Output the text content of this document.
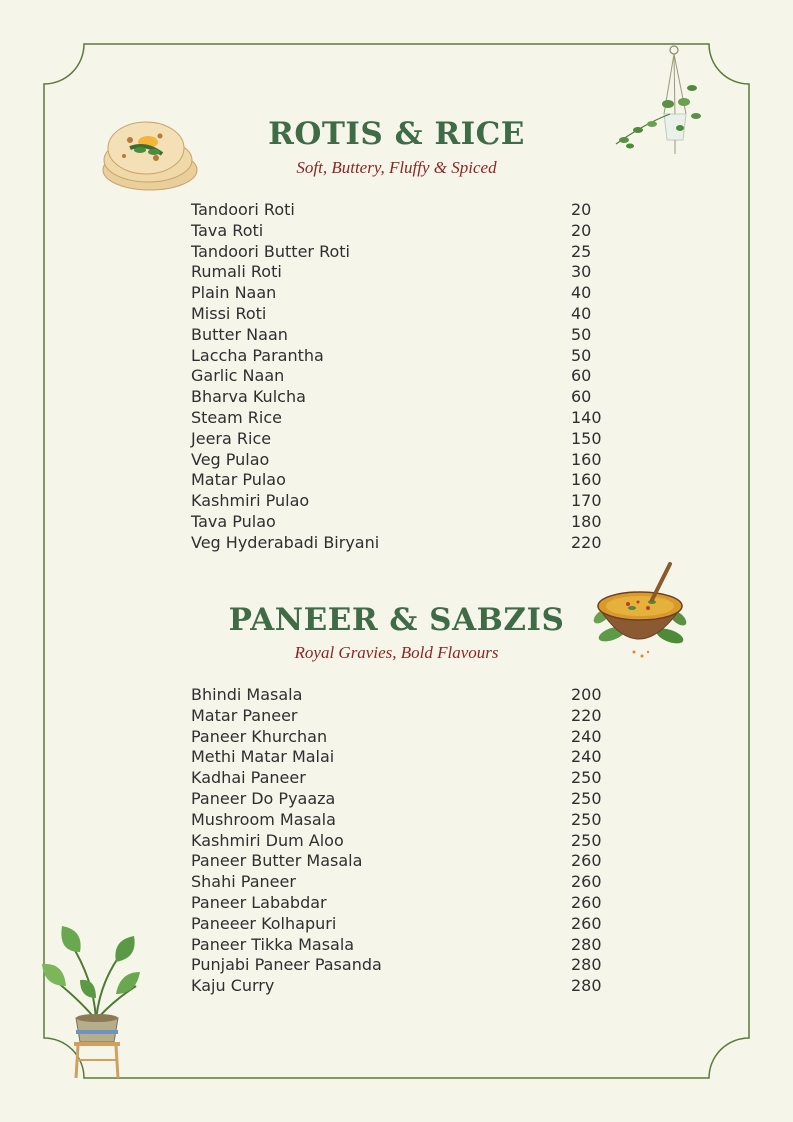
ROTIS & RICE
Soft, Buttery, Fluffy & Spiced
Tandoori Roti	20
Tava Roti	20
Tandoori Butter Roti	25
Rumali Roti	30
Plain Naan	40
Missi Roti	40
Butter Naan	50
Laccha Parantha	50
Garlic Naan	60
Bharva Kulcha	60
Steam Rice	140
Jeera Rice	150
Veg Pulao	160
Matar Pulao	160
Kashmiri Pulao	170
Tava Pulao	180
Veg Hyderabadi Biryani	220
PANEER & SABZIS
Royal Gravies, Bold Flavours
Bhindi Masala	200
Matar Paneer	220
Paneer Khurchan	240
Methi Matar Malai	240
Kadhai Paneer	250
Paneer Do Pyaaza	250
Mushroom Masala	250
Kashmiri Dum Aloo	250
Paneer Butter Masala	260
Shahi Paneer	260
Paneer Lababdar	260
Paneeer Kolhapuri	260
Paneer Tikka Masala	280
Punjabi Paneer Pasanda	280
Kaju Curry	280
